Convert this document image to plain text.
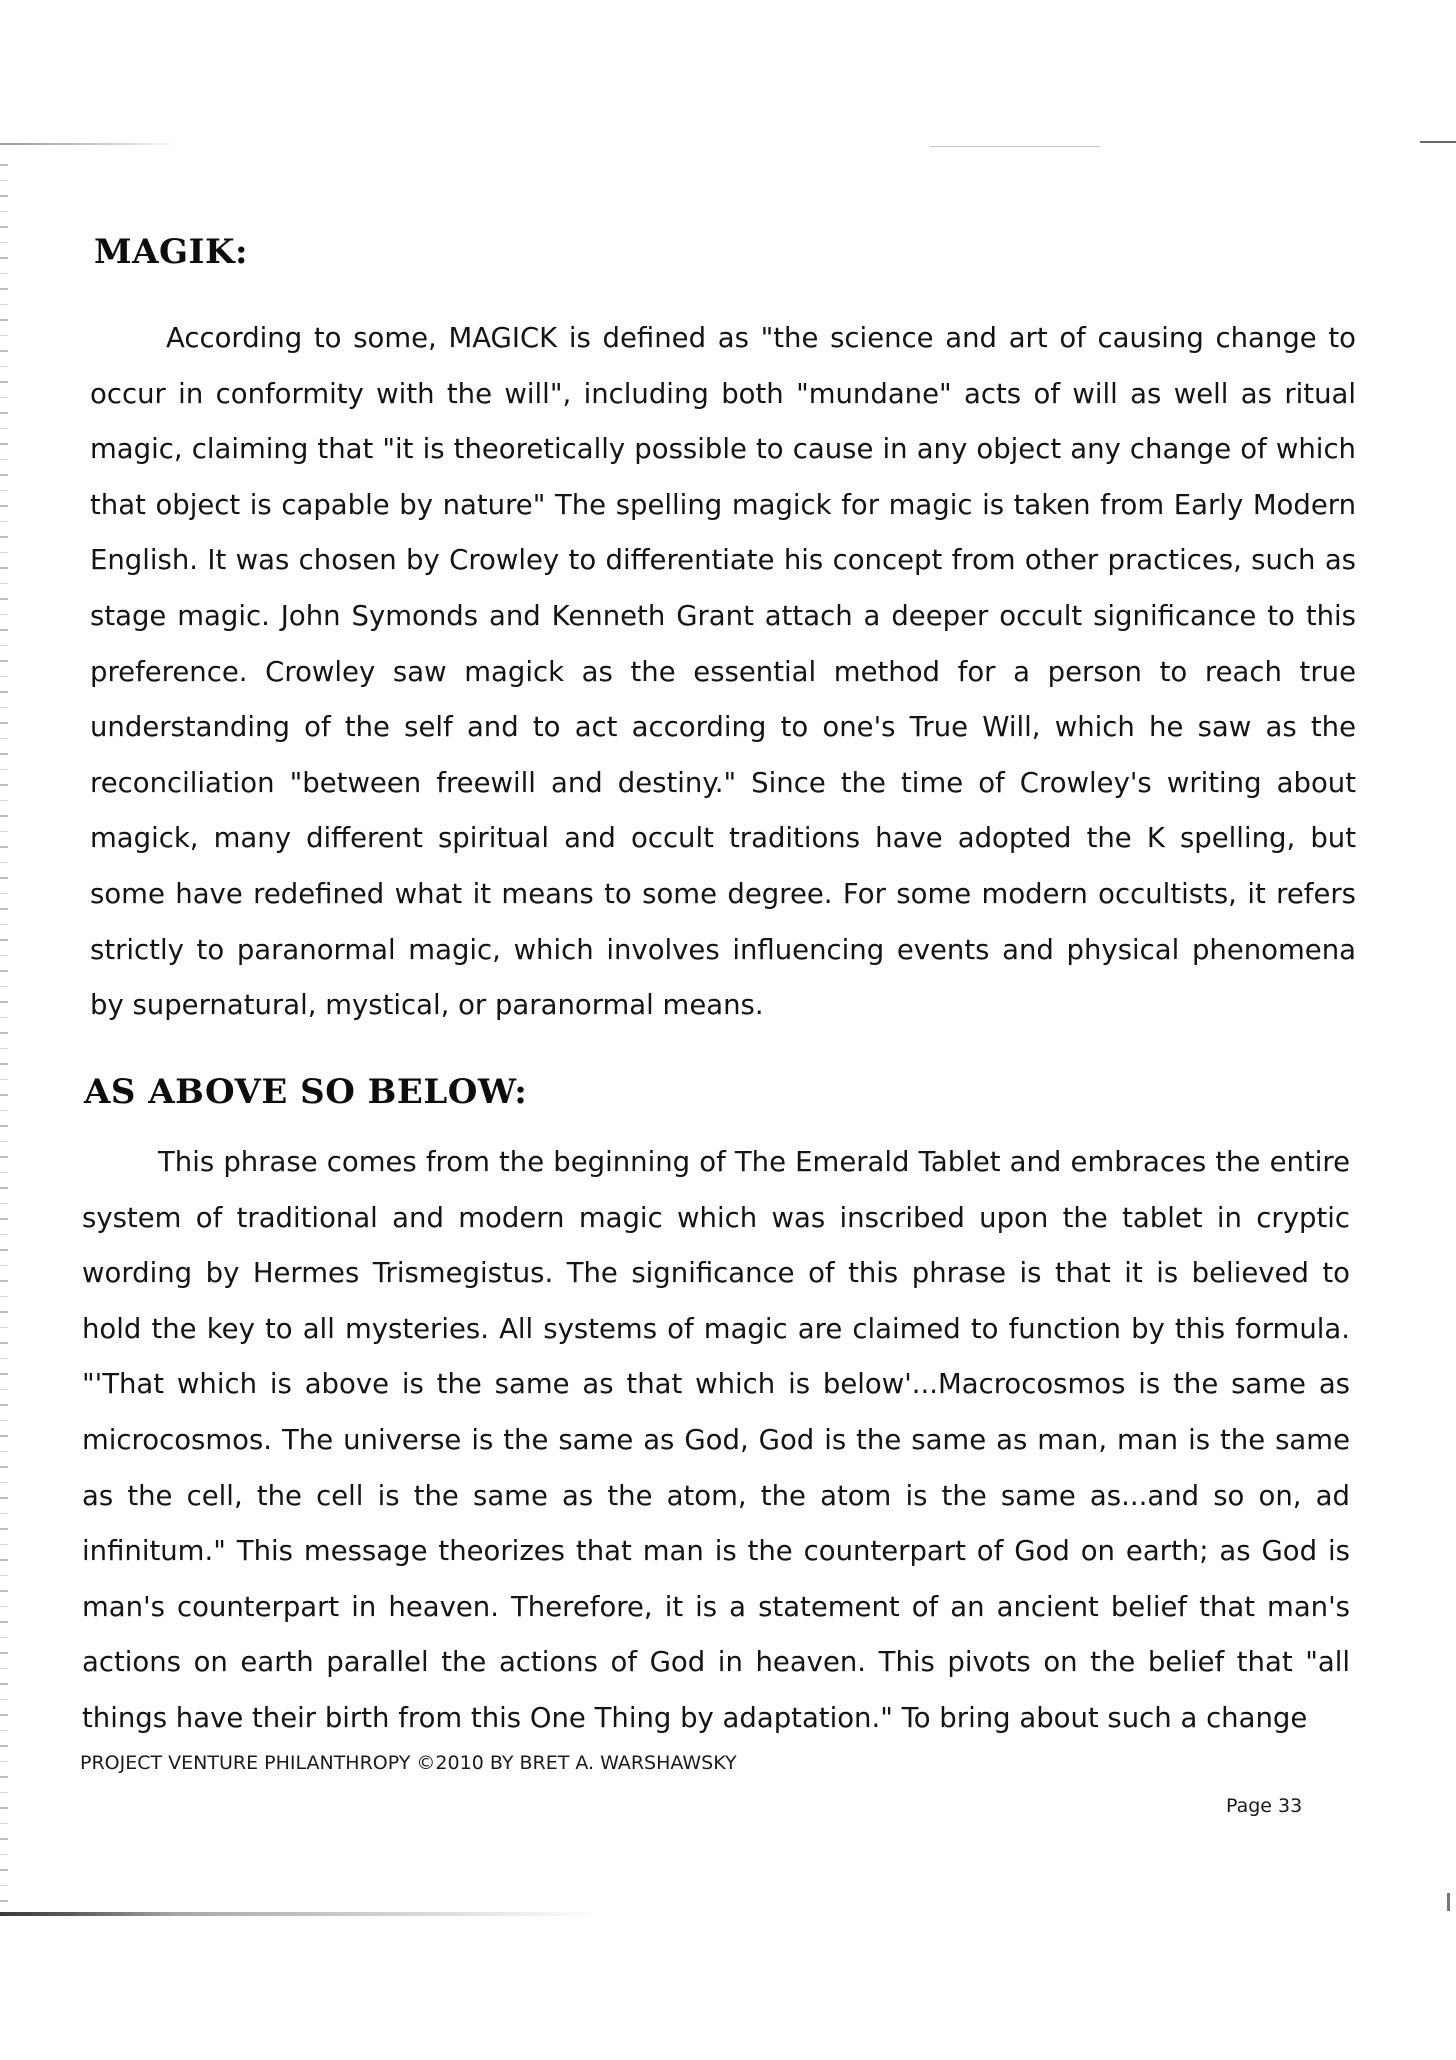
MAGIK:

According to some, MAGICK is defined as "the science and art of causing change to occur in conformity with the will", including both "mundane" acts of will as well as ritual magic, claiming that "it is theoretically possible to cause in any object any change of which that object is capable by nature" The spelling magick for magic is taken from Early Modern English. It was chosen by Crowley to differentiate his concept from other practices, such as stage magic. John Symonds and Kenneth Grant attach a deeper occult significance to this preference. Crowley saw magick as the essential method for a person to reach true understanding of the self and to act according to one's True Will, which he saw as the reconciliation "between freewill and destiny." Since the time of Crowley's writing about magick, many different spiritual and occult traditions have adopted the K spelling, but some have redefined what it means to some degree. For some modern occultists, it refers strictly to paranormal magic, which involves influencing events and physical phenomena by supernatural, mystical, or paranormal means.

AS ABOVE SO BELOW:

This phrase comes from the beginning of The Emerald Tablet and embraces the entire system of traditional and modern magic which was inscribed upon the tablet in cryptic wording by Hermes Trismegistus. The significance of this phrase is that it is believed to hold the key to all mysteries. All systems of magic are claimed to function by this formula. "'That which is above is the same as that which is below'...Macrocosmos is the same as microcosmos. The universe is the same as God, God is the same as man, man is the same as the cell, the cell is the same as the atom, the atom is the same as...and so on, ad infinitum." This message theorizes that man is the counterpart of God on earth; as God is man's counterpart in heaven. Therefore, it is a statement of an ancient belief that man's actions on earth parallel the actions of God in heaven. This pivots on the belief that "all things have their birth from this One Thing by adaptation." To bring about such a change

PROJECT VENTURE PHILANTHROPY ©2010 BY BRET A. WARSHAWSKY

Page 33
